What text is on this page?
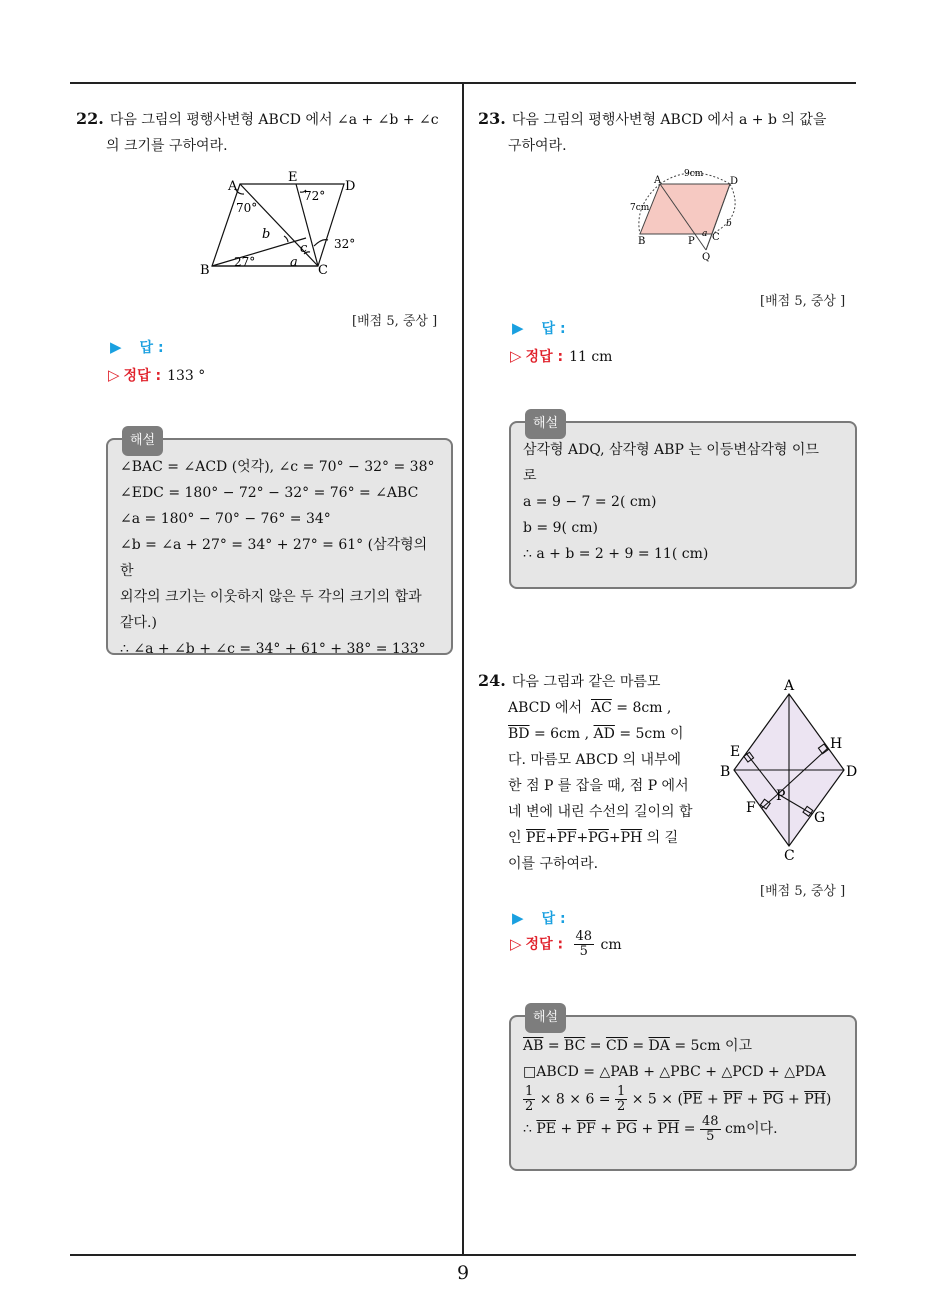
9
22. 다음 그림의 평행사변형 ABCD 에서 ∠a + ∠b + ∠c
의 크기를 구하여라.
A
E
D
B	C
70°
72°
b
c 32°
27°	a
[배점 5, 중상 ]
▶ 답 :
▷ 정답 : 133 °
해설
∠BAC = ∠ACD (엇각), ∠c = 70° − 32° = 38°
∠EDC = 180° − 72° − 32° = 76° = ∠ABC
∠a = 180° − 70° − 76° = 34°
∠b = ∠a + 27° = 34° + 27° = 61° (삼각형의 한
외각의 크기는 이웃하지 않은 두 각의 크기의 합과
같다.)
∴ ∠a + ∠b + ∠c = 34° + 61° + 38° = 133°
23. 다음 그림의 평행사변형 ABCD 에서 a + b 의 값을
구하여라.
9cm
A	D
7cm
B	P
a C
b
Q
[배점 5, 중상 ]
▶ 답 :
▷ 정답 : 11 cm
해설
삼각형 ADQ, 삼각형 ABP 는 이등변삼각형 이므
로
a = 9 − 7 = 2( cm)
b = 9( cm)
∴ a + b = 2 + 9 = 11( cm)
24. 다음 그림과 같은 마름모
ABCD 에서 $\overline{AC} = 8cm$ ,
$\overline{BD} = 6cm$ , $\overline{AD} = 5cm$ 이
다. 마름모 ABCD 의 내부에
한 점 P 를 잡을 때, 점 P 에서
네 변에 내린 수선의 길이의 합
인 $\overline{PE}+\overline{PF}+\overline{PG}+\overline{PH}$ 의 길
이를 구하여라.
A
H
E
B	D
P
F
G
C
[배점 5, 중상 ]
▶ 답 :
▷ 정답 : $\frac{48}{5}$ cm
해설
$\overline{AB} = \overline{BC} = \overline{CD} = \overline{DA} = 5cm$ 이고
□ABCD = △PAB + △PBC + △PCD + △PDA
$\frac{1}{2} \times 8 \times 6 = \frac{1}{2} \times 5 \times (\overline{PE} + \overline{PF} + \overline{PG} + \overline{PH})$
∴ $\overline{PE} + \overline{PF} + \overline{PG} + \overline{PH} = \frac{48}{5}$ cm이다.
